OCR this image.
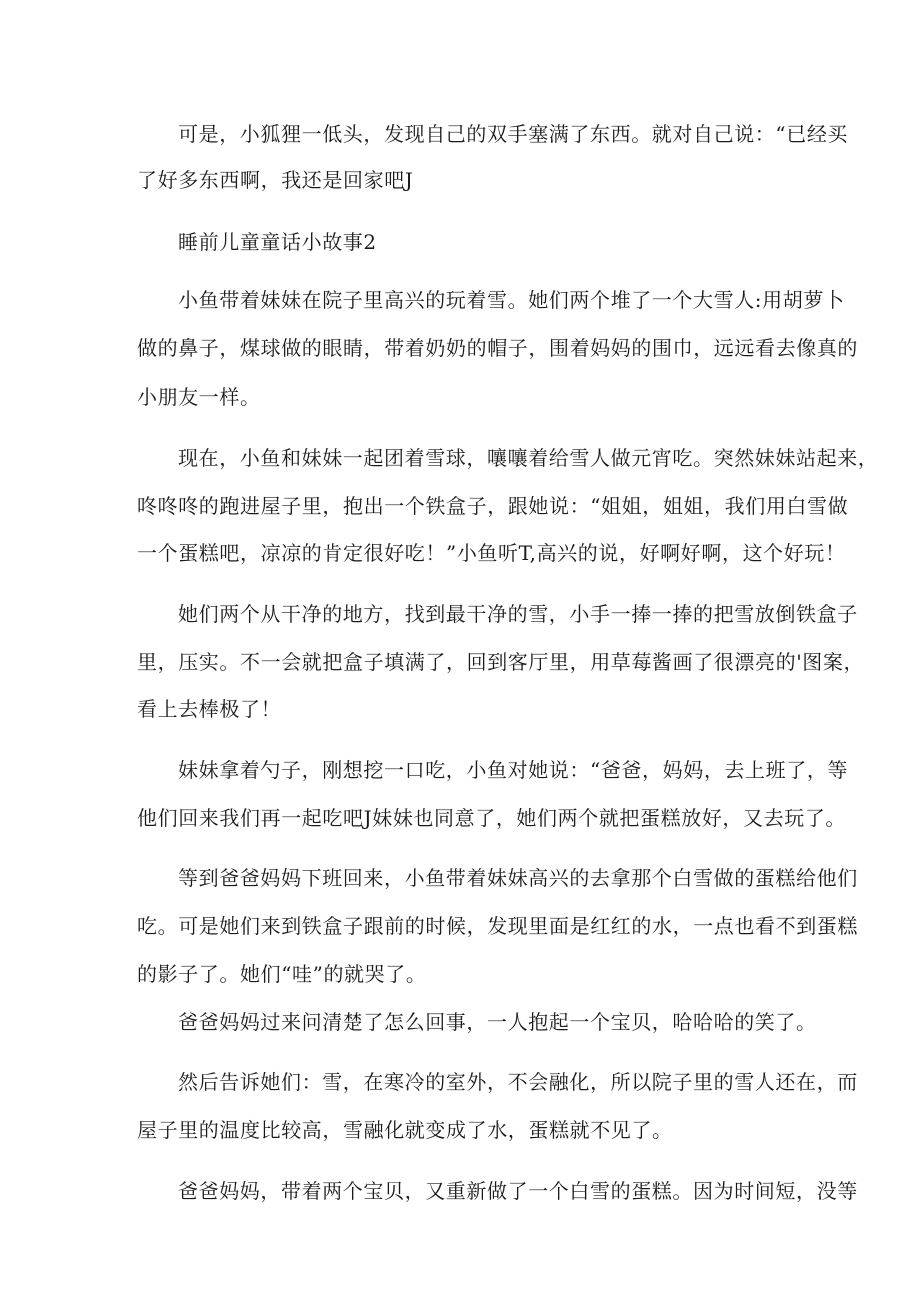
可是，小狐狸一低头，发现自己的双手塞满了东西。就对自己说：“已经买
了好多东西啊，我还是回家吧J
睡前儿童童话小故事2
小鱼带着妹妹在院子里高兴的玩着雪。她们两个堆了一个大雪人:用胡萝卜
做的鼻子，煤球做的眼睛，带着奶奶的帽子，围着妈妈的围巾，远远看去像真的
小朋友一样。
现在，小鱼和妹妹一起团着雪球，嚷嚷着给雪人做元宵吃。突然妹妹站起来，
咚咚咚的跑进屋子里，抱出一个铁盒子，跟她说：“姐姐，姐姐，我们用白雪做
一个蛋糕吧，凉凉的肯定很好吃！”小鱼听T,高兴的说，好啊好啊，这个好玩！
她们两个从干净的地方，找到最干净的雪，小手一捧一捧的把雪放倒铁盒子
里，压实。不一会就把盒子填满了，回到客厅里，用草莓酱画了很漂亮的'图案，
看上去棒极了！
妹妹拿着勺子，刚想挖一口吃，小鱼对她说：“爸爸，妈妈，去上班了，等
他们回来我们再一起吃吧J妹妹也同意了，她们两个就把蛋糕放好，又去玩了。
等到爸爸妈妈下班回来，小鱼带着妹妹高兴的去拿那个白雪做的蛋糕给他们
吃。可是她们来到铁盒子跟前的时候，发现里面是红红的水，一点也看不到蛋糕
的影子了。她们“哇”的就哭了。
爸爸妈妈过来问清楚了怎么回事，一人抱起一个宝贝，哈哈哈的笑了。
然后告诉她们：雪，在寒冷的室外，不会融化，所以院子里的雪人还在，而
屋子里的温度比较高，雪融化就变成了水，蛋糕就不见了。
爸爸妈妈，带着两个宝贝，又重新做了一个白雪的蛋糕。因为时间短，没等
